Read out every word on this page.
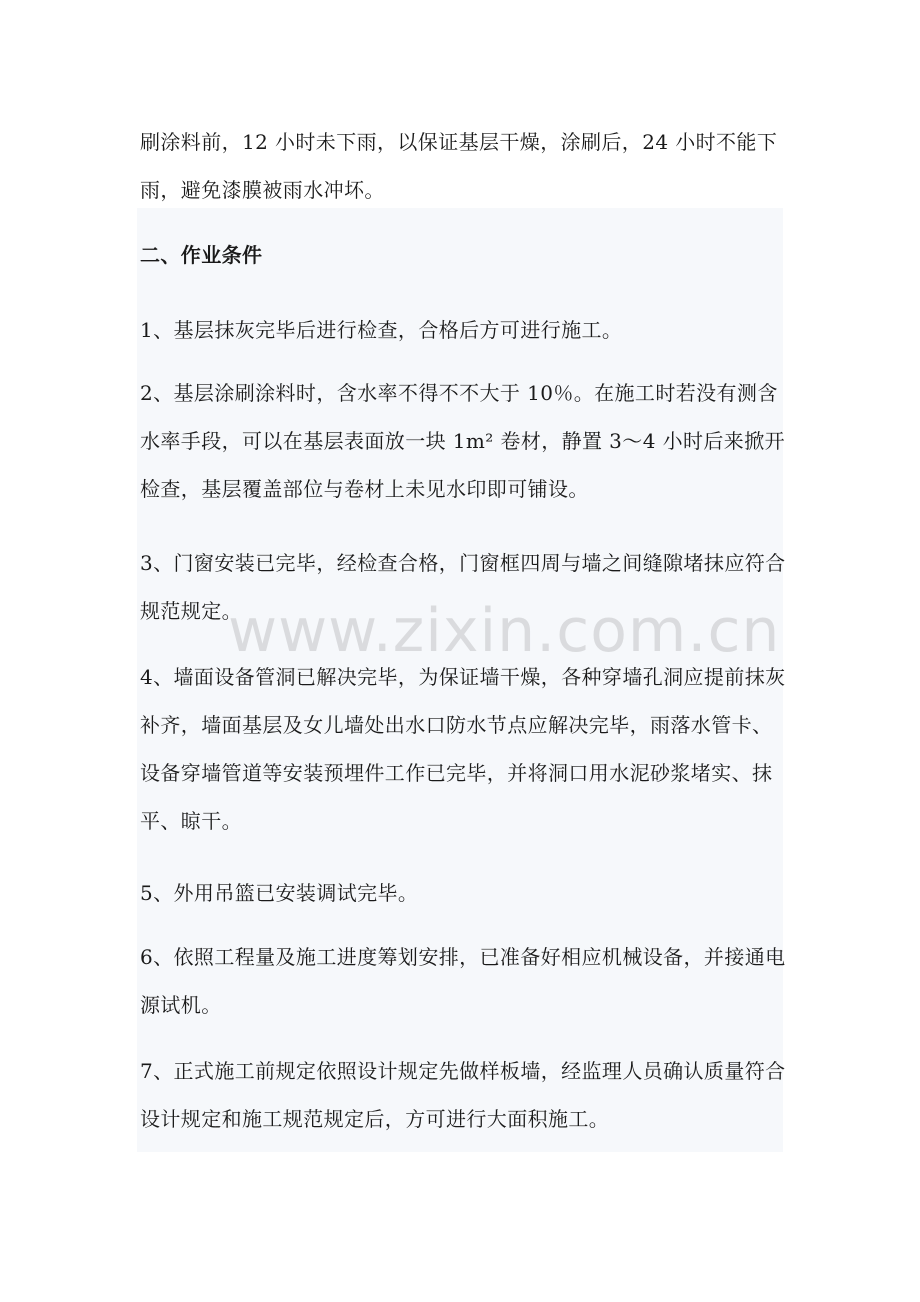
刷涂料前，12 小时未下雨，以保证基层干燥，涂刷后，24 小时不能下雨，避免漆膜被雨水冲坏。

二、作业条件

1、基层抹灰完毕后进行检查，合格后方可进行施工。

2、基层涂刷涂料时，含水率不得不不大于 10％。在施工时若没有测含水率手段，可以在基层表面放一块 1m² 卷材，静置 3～4 小时后来掀开检查，基层覆盖部位与卷材上未见水印即可铺设。

3、门窗安装已完毕，经检查合格，门窗框四周与墙之间缝隙堵抹应符合规范规定。

4、墙面设备管洞已解决完毕，为保证墙干燥，各种穿墙孔洞应提前抹灰补齐，墙面基层及女儿墙处出水口防水节点应解决完毕，雨落水管卡、设备穿墙管道等安装预埋件工作已完毕，并将洞口用水泥砂浆堵实、抹平、晾干。

5、外用吊篮已安装调试完毕。

6、依照工程量及施工进度筹划安排，已准备好相应机械设备，并接通电源试机。

7、正式施工前规定依照设计规定先做样板墙，经监理人员确认质量符合设计规定和施工规范规定后，方可进行大面积施工。

www.zixin.com.cn
